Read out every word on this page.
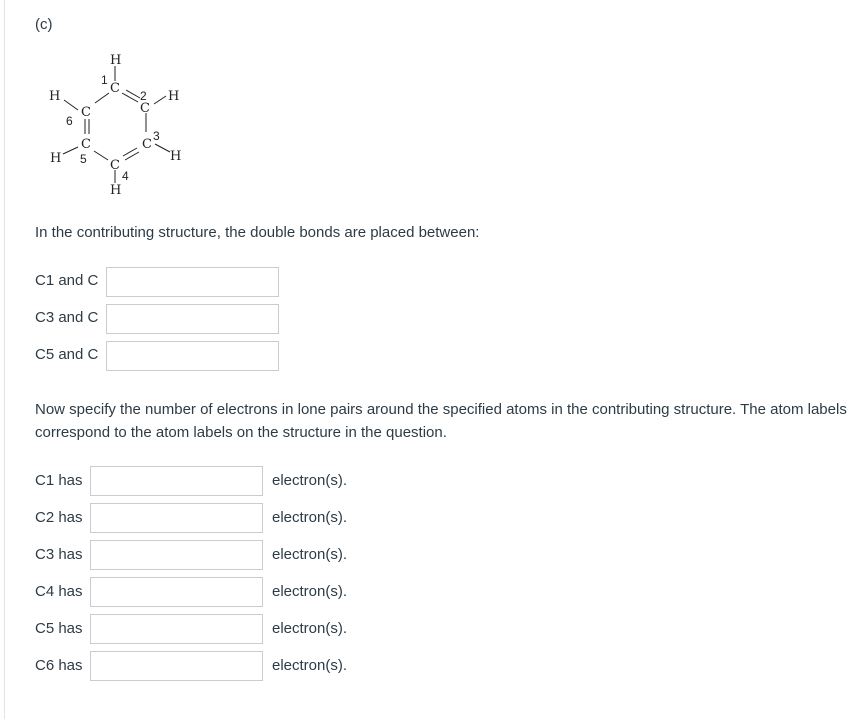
(c)
H
C
C
H
C
H
C
H
C
H
C
H
1
2
3
4
5
6
In the contributing structure, the double bonds are placed between:
C1 and C
C3 and C
C5 and C
Now specify the number of electrons in lone pairs around the specified atoms in the contributing structure. The atom labels correspond to the atom labels on the structure in the question.
C1 has	electron(s).
C2 has	electron(s).
C3 has	electron(s).
C4 has	electron(s).
C5 has	electron(s).
C6 has	electron(s).
